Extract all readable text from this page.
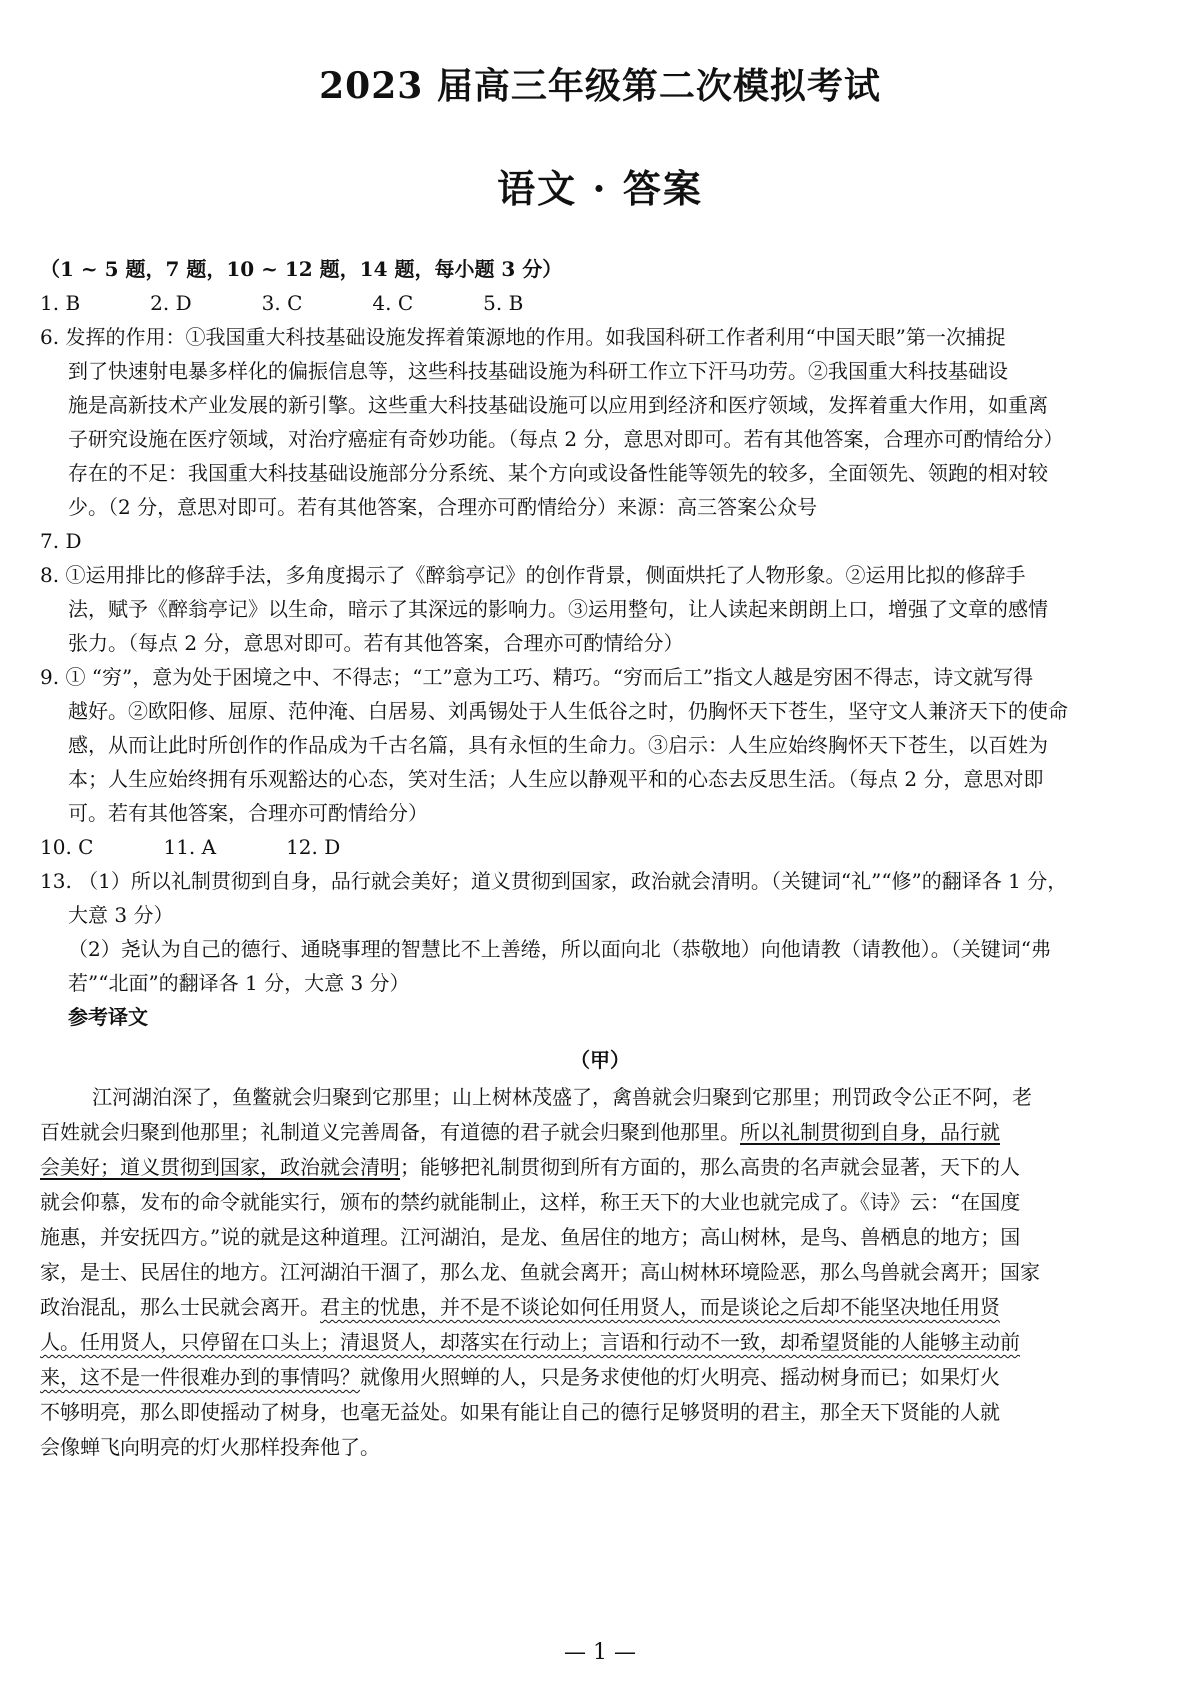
2023 届高三年级第二次模拟考试
语文 · 答案
（1 ~ 5 题，7 题，10 ~ 12 题，14 题，每小题 3 分）
1. B	2. D	3. C	4. C	5. B
6. 发挥的作用：①我国重大科技基础设施发挥着策源地的作用。如我国科研工作者利用“中国天眼”第一次捕捉
到了快速射电暴多样化的偏振信息等，这些科技基础设施为科研工作立下汗马功劳。②我国重大科技基础设
施是高新技术产业发展的新引擎。这些重大科技基础设施可以应用到经济和医疗领域，发挥着重大作用，如重离
子研究设施在医疗领域，对治疗癌症有奇妙功能。（每点 2 分，意思对即可。若有其他答案，合理亦可酌情给分）
存在的不足：我国重大科技基础设施部分分系统、某个方向或设备性能等领先的较多，全面领先、领跑的相对较
少。（2 分，意思对即可。若有其他答案，合理亦可酌情给分）来源：高三答案公众号
7. D
8. ①运用排比的修辞手法，多角度揭示了《醉翁亭记》的创作背景，侧面烘托了人物形象。②运用比拟的修辞手
法，赋予《醉翁亭记》以生命，暗示了其深远的影响力。③运用整句，让人读起来朗朗上口，增强了文章的感情
张力。（每点 2 分，意思对即可。若有其他答案，合理亦可酌情给分）
9. ① “穷”，意为处于困境之中、不得志；“工”意为工巧、精巧。“穷而后工”指文人越是穷困不得志，诗文就写得
越好。②欧阳修、屈原、范仲淹、白居易、刘禹锡处于人生低谷之时，仍胸怀天下苍生，坚守文人兼济天下的使命
感，从而让此时所创作的作品成为千古名篇，具有永恒的生命力。③启示：人生应始终胸怀天下苍生，以百姓为
本；人生应始终拥有乐观豁达的心态，笑对生活；人生应以静观平和的心态去反思生活。（每点 2 分，意思对即
可。若有其他答案，合理亦可酌情给分）
10. C	11. A	12. D
13. （1）所以礼制贯彻到自身，品行就会美好；道义贯彻到国家，政治就会清明。（关键词“礼”“修”的翻译各 1 分，
大意 3 分）
（2）尧认为自己的德行、通晓事理的智慧比不上善绻，所以面向北（恭敬地）向他请教（请教他）。（关键词“弗
若”“北面”的翻译各 1 分，大意 3 分）
参考译文
（甲）
江河湖泊深了，鱼鳖就会归聚到它那里；山上树林茂盛了，禽兽就会归聚到它那里；刑罚政令公正不阿，老
百姓就会归聚到他那里；礼制道义完善周备，有道德的君子就会归聚到他那里。所以礼制贯彻到自身，品行就
会美好；道义贯彻到国家，政治就会清明；能够把礼制贯彻到所有方面的，那么高贵的名声就会显著，天下的人
就会仰慕，发布的命令就能实行，颁布的禁约就能制止，这样，称王天下的大业也就完成了。《诗》云：“在国度
施惠，并安抚四方。”说的就是这种道理。江河湖泊，是龙、鱼居住的地方；高山树林，是鸟、兽栖息的地方；国
家，是士、民居住的地方。江河湖泊干涸了，那么龙、鱼就会离开；高山树林环境险恶，那么鸟兽就会离开；国家
政治混乱，那么士民就会离开。君主的忧患，并不是不谈论如何任用贤人，而是谈论之后却不能坚决地任用贤
人。任用贤人，只停留在口头上；清退贤人，却落实在行动上；言语和行动不一致，却希望贤能的人能够主动前
来，这不是一件很难办到的事情吗？就像用火照蝉的人，只是务求使他的灯火明亮、摇动树身而已；如果灯火
不够明亮，那么即使摇动了树身，也毫无益处。如果有能让自己的德行足够贤明的君主，那全天下贤能的人就
会像蝉飞向明亮的灯火那样投奔他了。
— 1 —
